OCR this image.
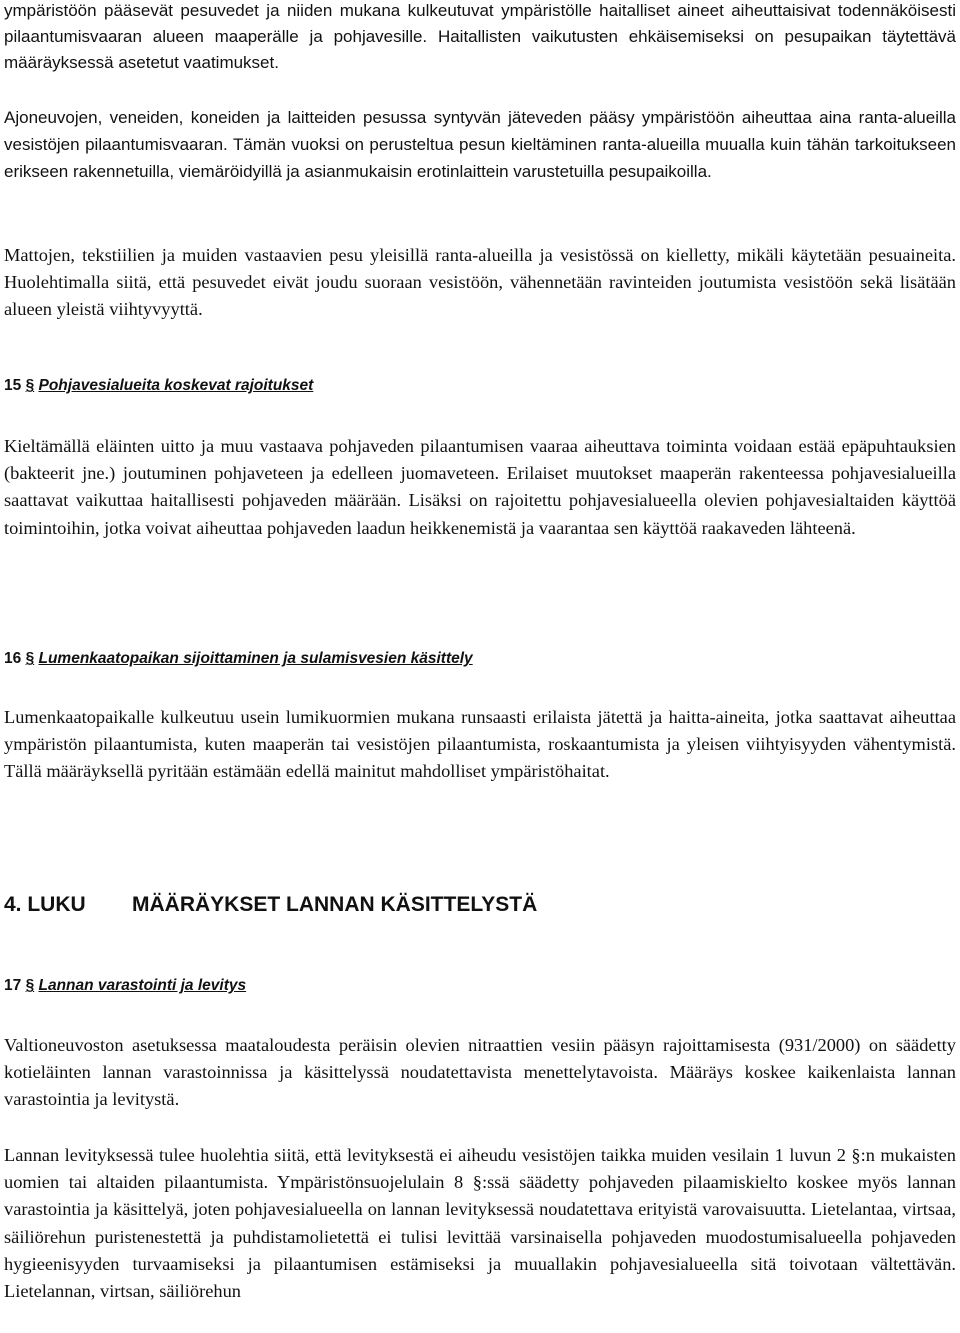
ympäristöön pääsevät pesuvedet ja niiden mukana kulkeutuvat ympäristölle haitalliset aineet aiheuttaisivat todennäköisesti pilaantumisvaaran alueen maaperälle ja pohjavesille. Haitallisten vaikutusten ehkäisemiseksi on pesupaikan täytettävä määräyksessä asetetut vaatimukset.

Ajoneuvojen, veneiden, koneiden ja laitteiden pesussa syntyvän jäteveden pääsy ympäristöön aiheuttaa aina ranta-alueilla vesistöjen pilaantumisvaaran. Tämän vuoksi on perusteltua pesun kieltäminen ranta-alueilla muualla kuin tähän tarkoitukseen erikseen rakennetuilla, viemäröidyillä ja asianmukaisin erotinlaittein varustetuilla pesupaikoilla.

Mattojen, tekstiilien ja muiden vastaavien pesu yleisillä ranta-alueilla ja vesistössä on kielletty, mikäli käytetään pesuaineita. Huolehtimalla siitä, että pesuvedet eivät joudu suoraan vesistöön, vähennetään ravinteiden joutumista vesistöön sekä lisätään alueen yleistä viihtyvyyttä.

15 § Pohjavesialueita koskevat rajoitukset

Kieltämällä eläinten uitto ja muu vastaava pohjaveden pilaantumisen vaaraa aiheuttava toiminta voidaan estää epäpuhtauksien (bakteerit jne.) joutuminen pohjaveteen ja edelleen juomaveteen. Erilaiset muutokset maaperän rakenteessa pohjavesialueilla saattavat vaikuttaa haitallisesti pohjaveden määrään. Lisäksi on rajoitettu pohjavesialueella olevien pohjavesialtaiden käyttöä toimintoihin, jotka voivat aiheuttaa pohjaveden laadun heikkenemistä ja vaarantaa sen käyttöä raakaveden lähteenä.

16 § Lumenkaatopaikan sijoittaminen ja sulamisvesien käsittely

Lumenkaatopaikalle kulkeutuu usein lumikuormien mukana runsaasti erilaista jätettä ja haitta-aineita, jotka saattavat aiheuttaa ympäristön pilaantumista, kuten maaperän tai vesistöjen pilaantumista, roskaantumista ja yleisen viihtyisyyden vähentymistä. Tällä määräyksellä pyritään estämään edellä mainitut mahdolliset ympäristöhaitat.

4. LUKU	MÄÄRÄYKSET LANNAN KÄSITTELYSTÄ
17 § Lannan varastointi ja levitys

Valtioneuvoston asetuksessa maataloudesta peräisin olevien nitraattien vesiin pääsyn rajoittamisesta (931/2000) on säädetty kotieläinten lannan varastoinnissa ja käsittelyssä noudatettavista menettelytavoista. Määräys koskee kaikenlaista lannan varastointia ja levitystä.

Lannan levityksessä tulee huolehtia siitä, että levityksestä ei aiheudu vesistöjen taikka muiden vesilain 1 luvun 2 §:n mukaisten uomien tai altaiden pilaantumista. Ympäristönsuojelulain 8 §:ssä säädetty pohjaveden pilaamiskielto koskee myös lannan varastointia ja käsittelyä, joten pohjavesialueella on lannan levityksessä noudatettava erityistä varovaisuutta. Lietelantaa, virtsaa, säiliörehun puristenestettä ja puhdistamolietettä ei tulisi levittää varsinaisella pohjaveden muodostumisalueella pohjaveden hygieenisyyden turvaamiseksi ja pilaantumisen estämiseksi ja muuallakin pohjavesialueella sitä toivotaan vältettävän. Lietelannan, virtsan, säiliörehun
